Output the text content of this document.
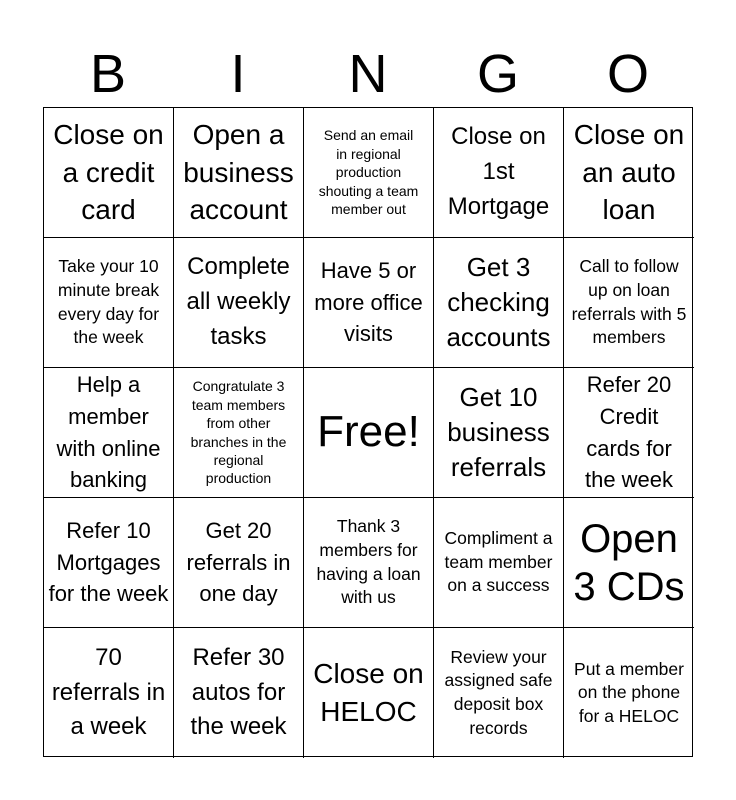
B	I	N	G	O
Close on a credit card
Open a business account
Send an email in regional production shouting a team member out
Close on 1st Mortgage
Close on an auto loan
Take your 10 minute break every day for the week
Complete all weekly tasks
Have 5 or more office visits
Get 3 checking accounts
Call to follow up on loan referrals with 5 members
Help a member with online banking
Congratulate 3 team members from other branches in the regional production
Free!
Get 10 business referrals
Refer 20 Credit cards for the week
Refer 10 Mortgages for the week
Get 20 referrals in one day
Thank 3 members for having a loan with us
Compliment a team member on a success
Open 3 CDs
70 referrals in a week
Refer 30 autos for the week
Close on HELOC
Review your assigned safe deposit box records
Put a member on the phone for a HELOC
